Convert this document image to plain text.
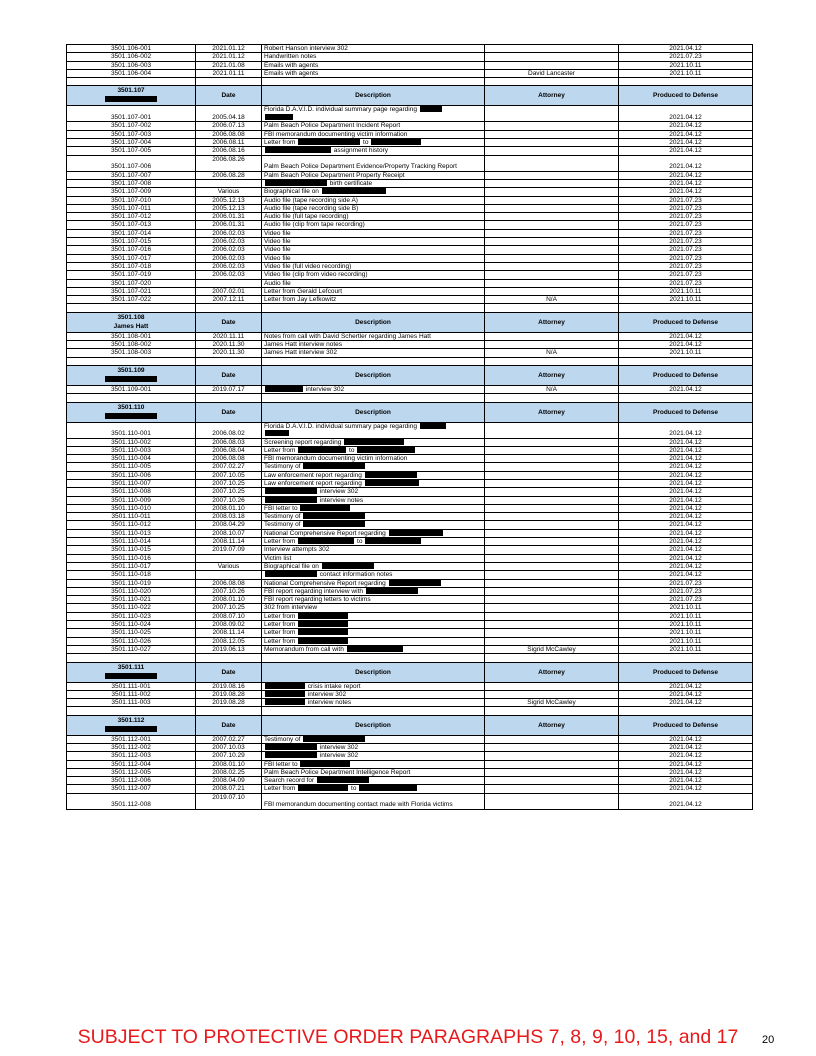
3501.106-001	2021.01.12	Robert Hanson interview 302		2021.04.12
3501.106-002	2021.01.12	Handwritten notes		2021.07.23
3501.106-003	2021.01.08	Emails with agents		2021.10.11
3501.106-004	2021.01.11	Emails with agents	David Lancaster	2021.10.11

3501.107	Date	Description	Attorney	Produced to Defense
3501.107-001	2005.04.18	Florida D.A.V.I.D. individual summary page regarding		2021.04.12
3501.107-002	2006.07.13	Palm Beach Police Department Incident Report		2021.04.12
3501.107-003	2006.08.08	FBI memorandum documenting victim information		2021.04.12
3501.107-004	2006.08.11	Letter from to		2021.04.12
3501.107-005	2006.08.16	assignment history		2021.04.12
3501.107-006	2006.08.26	Palm Beach Police Department Evidence/Property Tracking Report		2021.04.12
3501.107-007	2006.08.28	Palm Beach Police Department Property Receipt		2021.04.12
3501.107-008		birth certificate		2021.04.12
3501.107-009	Various	Biographical file on		2021.04.12
3501.107-010	2005.12.13	Audio file (tape recording side A)		2021.07.23
3501.107-011	2005.12.13	Audio file (tape recording side B)		2021.07.23
3501.107-012	2006.01.31	Audio file (full tape recording)		2021.07.23
3501.107-013	2006.01.31	Audio file (clip from tape recording)		2021.07.23
3501.107-014	2006.02.03	Video file		2021.07.23
3501.107-015	2006.02.03	Video file		2021.07.23
3501.107-016	2006.02.03	Video file		2021.07.23
3501.107-017	2006.02.03	Video file		2021.07.23
3501.107-018	2006.02.03	Video file (full video recording)		2021.07.23
3501.107-019	2006.02.03	Video file (clip from video recording)		2021.07.23
3501.107-020		Audio file		2021.07.23
3501.107-021	2007.02.01	Letter from Gerald Lefcourt		2021.10.11
3501.107-022	2007.12.11	Letter from Jay Lefkowitz	N/A	2021.10.11

3501.108
James Hatt	Date	Description	Attorney	Produced to Defense
3501.108-001	2020.11.11	Notes from call with David Schertler regarding James Hatt		2021.04.12
3501.108-002	2020.11.30	James Hatt interview notes		2021.04.12
3501.108-003	2020.11.30	James Hatt interview 302	N/A	2021.10.11

3501.109	Date	Description	Attorney	Produced to Defense
3501.109-001	2019.07.17	interview 302	N/A	2021.04.12

3501.110	Date	Description	Attorney	Produced to Defense
3501.110-001	2006.08.02	Florida D.A.V.I.D. individual summary page regarding		2021.04.12
3501.110-002	2006.08.03	Screening report regarding		2021.04.12
3501.110-003	2006.08.04	Letter from to		2021.04.12
3501.110-004	2006.08.08	FBI memorandum documenting victim information		2021.04.12
3501.110-005	2007.02.27	Testimony of		2021.04.12
3501.110-006	2007.10.05	Law enforcement report regarding		2021.04.12
3501.110-007	2007.10.25	Law enforcement report regarding		2021.04.12
3501.110-008	2007.10.25	interview 302		2021.04.12
3501.110-009	2007.10.26	interview notes		2021.04.12
3501.110-010	2008.01.10	FBI letter to		2021.04.12
3501.110-011	2008.03.18	Testimony of		2021.04.12
3501.110-012	2008.04.29	Testimony of		2021.04.12
3501.110-013	2008.10.07	National Comprehensive Report regarding		2021.04.12
3501.110-014	2008.11.14	Letter from to		2021.04.12
3501.110-015	2019.07.09	Interview attempts 302		2021.04.12
3501.110-016		Victim list		2021.04.12
3501.110-017	Various	Biographical file on		2021.04.12
3501.110-018		contact information notes		2021.04.12
3501.110-019	2006.08.08	National Comprehensive Report regarding		2021.07.23
3501.110-020	2007.10.26	FBI report regarding interview with		2021.07.23
3501.110-021	2008.01.10	FBI report regarding letters to victims		2021.07.23
3501.110-022	2007.10.25	302 from interview		2021.10.11
3501.110-023	2008.07.10	Letter from		2021.10.11
3501.110-024	2008.09.02	Letter from		2021.10.11
3501.110-025	2008.11.14	Letter from		2021.10.11
3501.110-026	2008.12.05	Letter from		2021.10.11
3501.110-027	2019.06.13	Memorandum from call with	Sigrid McCawley	2021.10.11

3501.111	Date	Description	Attorney	Produced to Defense
3501.111-001	2019.08.16	crisis intake report		2021.04.12
3501.111-002	2019.08.28	interview 302		2021.04.12
3501.111-003	2019.08.28	interview notes	Sigrid McCawley	2021.04.12

3501.112	Date	Description	Attorney	Produced to Defense
3501.112-001	2007.02.27	Testimony of		2021.04.12
3501.112-002	2007.10.03	interview 302		2021.04.12
3501.112-003	2007.10.29	interview 302		2021.04.12
3501.112-004	2008.01.10	FBI letter to		2021.04.12
3501.112-005	2008.02.25	Palm Beach Police Department Intelligence Report		2021.04.12
3501.112-006	2008.04.09	Search record for		2021.04.12
3501.112-007	2008.07.21	Letter from to		2021.04.12
3501.112-008	2019.07.10	FBI memorandum documenting contact made with Florida victims		2021.04.12
SUBJECT TO PROTECTIVE ORDER PARAGRAPHS 7, 8, 9, 10, 15, and 17	20
